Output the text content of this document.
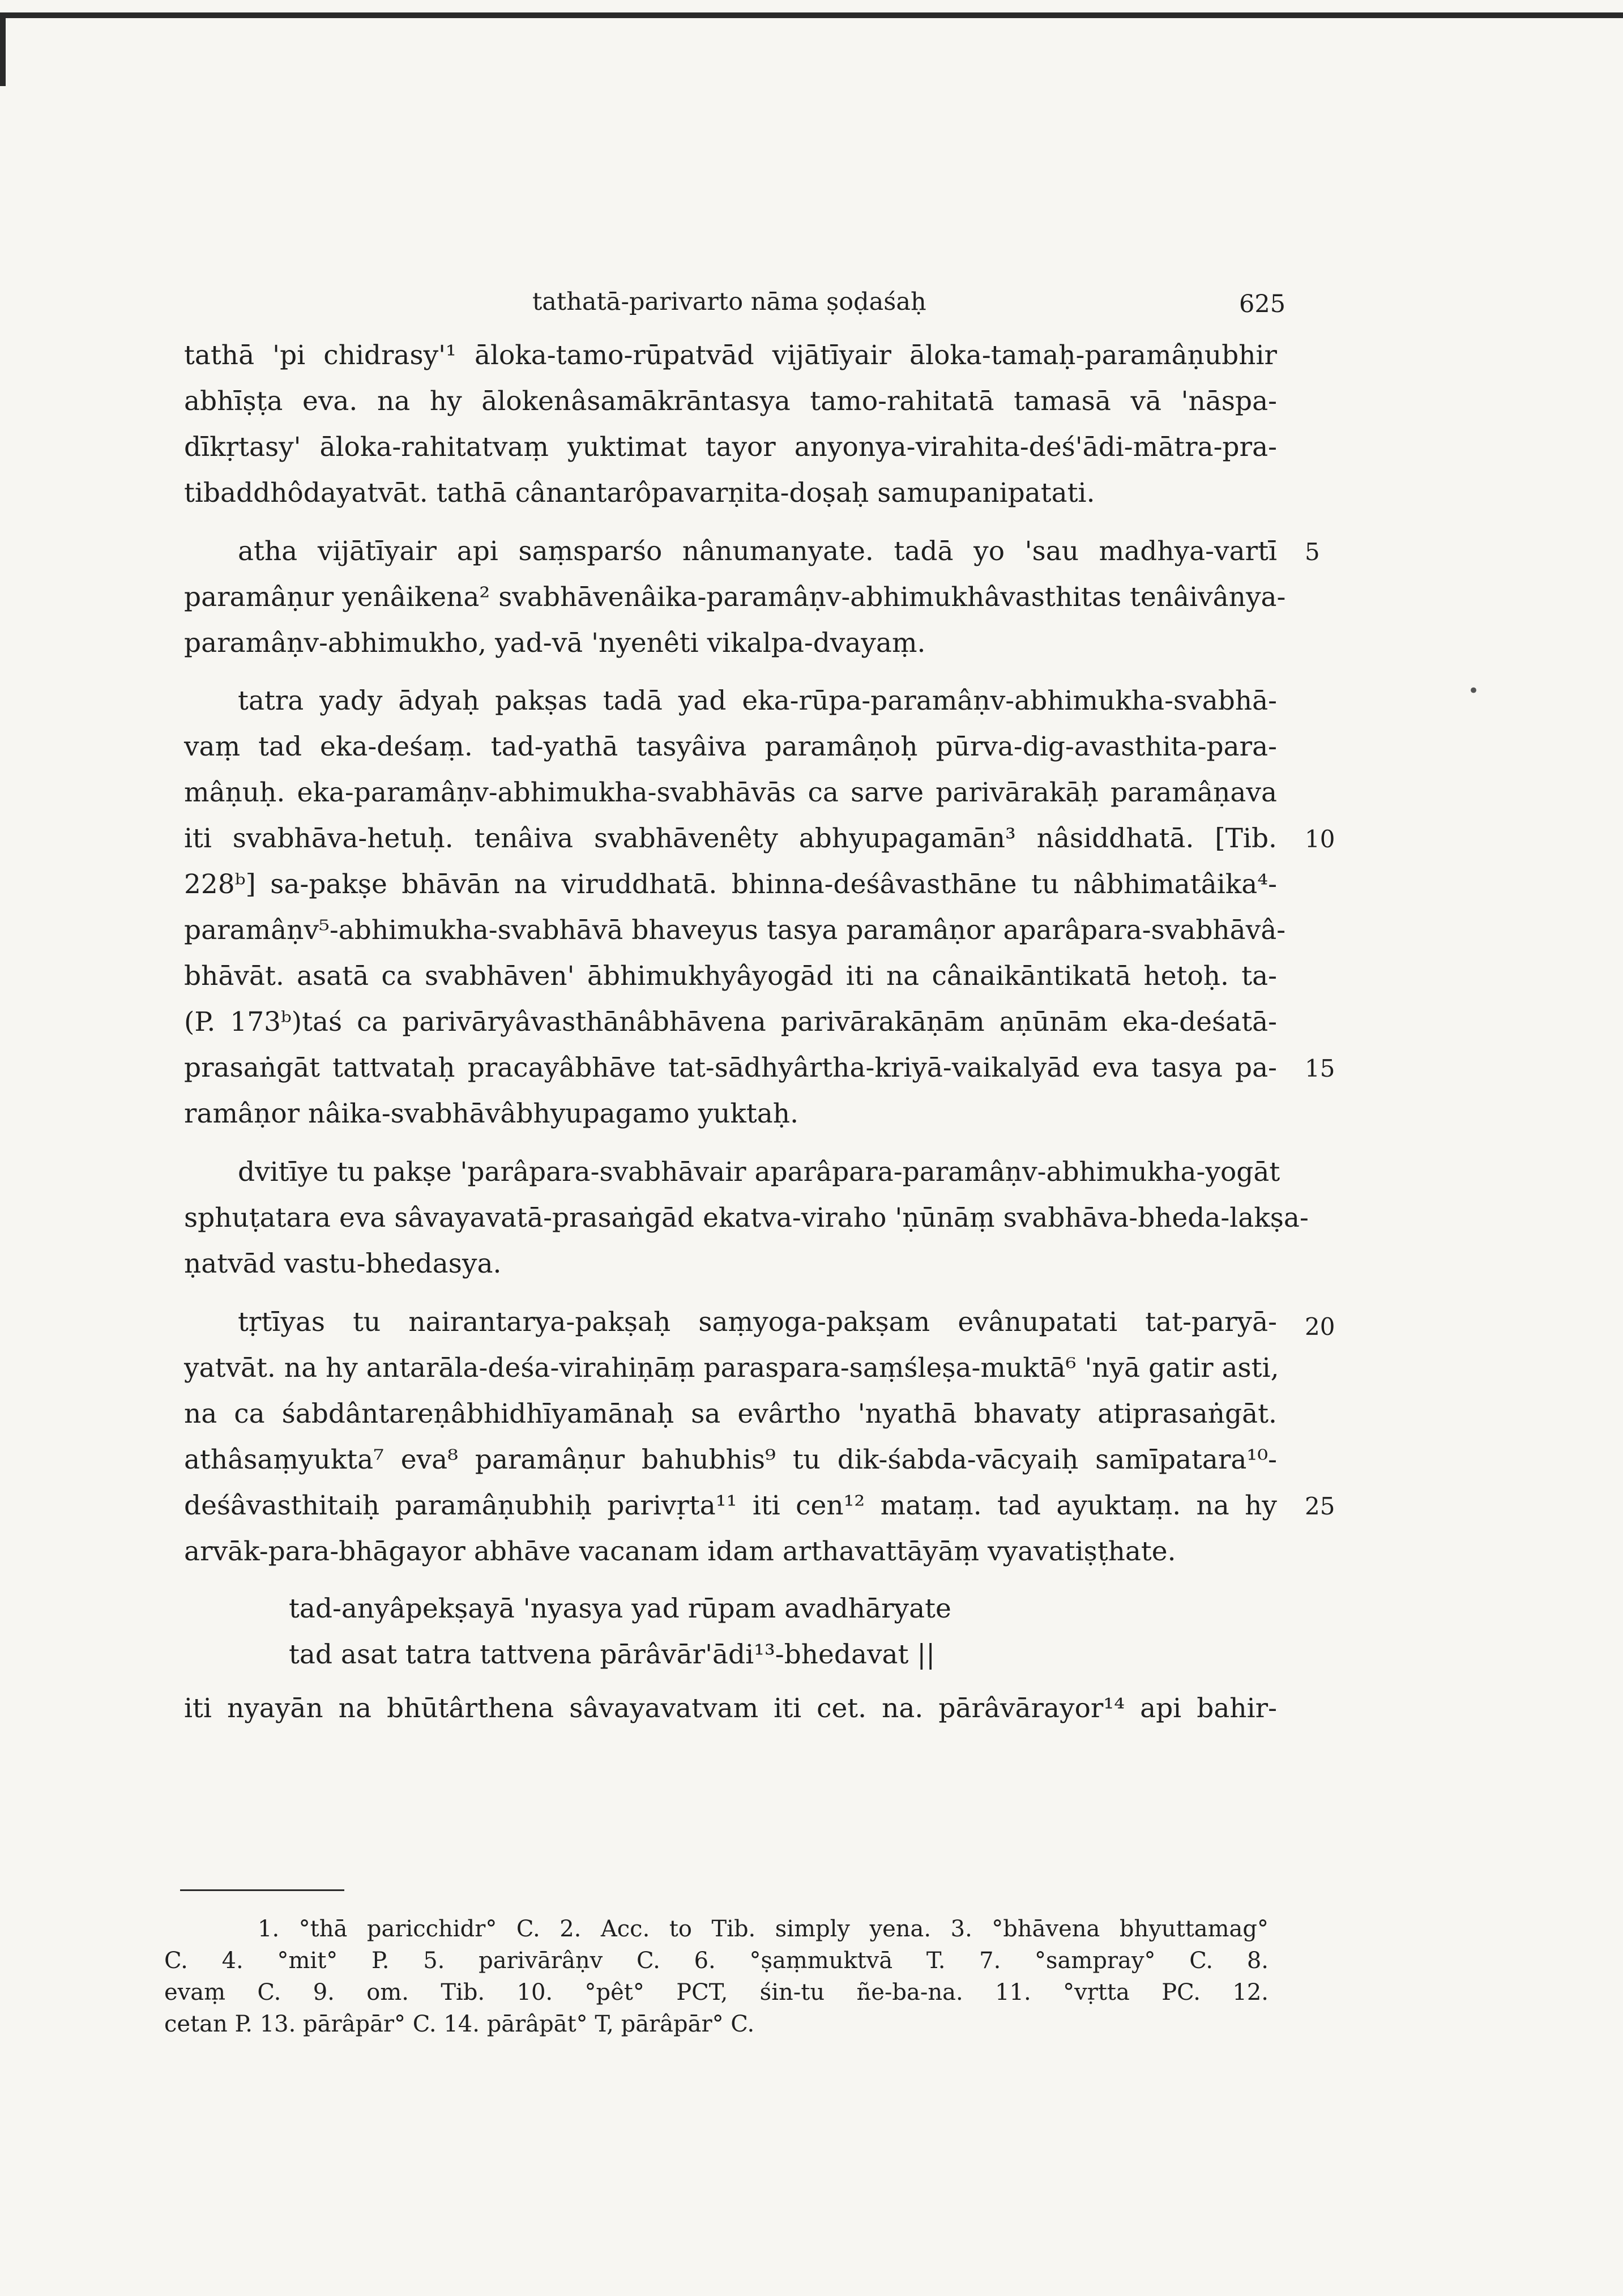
tathatā-parivarto nāma ṣoḍaśaḥ	625
tathā 'pi chidrasy'¹ āloka-tamo-rūpatvād vijātīyair āloka-tamaḥ-paramâṇubhir
abhīṣṭa eva. na hy ālokenâsamākrāntasya tamo-rahitatā tamasā vā 'nāspa-
dīkṛtasy' āloka-rahitatvaṃ yuktimat tayor anyonya-virahita-deś'ādi-mātra-pra-
tibaddhôdayatvāt. tathā cânantarôpavarṇita-doṣaḥ samupanipatati.
atha vijātīyair api saṃsparśo nânumanyate. tadā yo 'sau madhya-vartī
paramâṇur yenâikena² svabhāvenâika-paramâṇv-abhimukhâvasthitas tenâivânya-
paramâṇv-abhimukho, yad-vā 'nyenêti vikalpa-dvayaṃ.
tatra yady ādyaḥ pakṣas tadā yad eka-rūpa-paramâṇv-abhimukha-svabhā-
vaṃ tad eka-deśaṃ. tad-yathā tasyâiva paramâṇoḥ pūrva-dig-avasthita-para-
mâṇuḥ. eka-paramâṇv-abhimukha-svabhāvās ca sarve parivārakāḥ paramâṇava
iti svabhāva-hetuḥ. tenâiva svabhāvenêty abhyupagamān³ nâsiddhatā. [Tib.
228ᵇ] sa-pakṣe bhāvān na viruddhatā. bhinna-deśâvasthāne tu nâbhimatâika⁴-
paramâṇv⁵-abhimukha-svabhāvā bhaveyus tasya paramâṇor aparâpara-svabhāvâ-
bhāvāt. asatā ca svabhāven' ābhimukhyâyogād iti na cânaikāntikatā hetoḥ. ta-
(P. 173ᵇ)taś ca parivāryâvasthānâbhāvena parivārakāṇām aṇūnām eka-deśatā-
prasaṅgāt tattvataḥ pracayâbhāve tat-sādhyârtha-kriyā-vaikalyād eva tasya pa-
ramâṇor nâika-svabhāvâbhyupagamo yuktaḥ.
dvitīye tu pakṣe 'parâpara-svabhāvair aparâpara-paramâṇv-abhimukha-yogāt
sphuṭatara eva sâvayavatā-prasaṅgād ekatva-viraho 'ṇūnāṃ svabhāva-bheda-lakṣa-
ṇatvād vastu-bhedasya.
tṛtīyas tu nairantarya-pakṣaḥ saṃyoga-pakṣam evânupatati tat-paryā-
yatvāt. na hy antarāla-deśa-virahiṇāṃ paraspara-saṃśleṣa-muktā⁶ 'nyā gatir asti,
na ca śabdântareṇâbhidhīyamānaḥ sa evârtho 'nyathā bhavaty atiprasaṅgāt.
athâsaṃyukta⁷ eva⁸ paramâṇur bahubhis⁹ tu dik-śabda-vācyaiḥ samīpatara¹⁰-
deśâvasthitaiḥ paramâṇubhiḥ parivṛta¹¹ iti cen¹² mataṃ. tad ayuktaṃ. na hy
arvāk-para-bhāgayor abhāve vacanam idam arthavattāyāṃ vyavatiṣṭhate.
tad-anyâpekṣayā 'nyasya yad rūpam avadhāryate
tad asat tatra tattvena pārâvār'ādi¹³-bhedavat ||
iti nyayān na bhūtârthena sâvayavatvam iti cet. na. pārâvārayor¹⁴ api bahir-
5
10
15
20
25
•
1. °thā paricchidr° C. 2. Acc. to Tib. simply yena. 3. °bhāvena bhyuttamag°
C. 4. °mit° P. 5. parivārâṇv C. 6. °ṣaṃmuktvā T. 7. °sampray° C. 8.
evaṃ C. 9. om. Tib. 10. °pêt° PCT, śin-tu ñe-ba-na. 11. °vṛtta PC. 12.
cetan P. 13. pārâpār° C. 14. pārâpāt° T, pārâpār° C.
